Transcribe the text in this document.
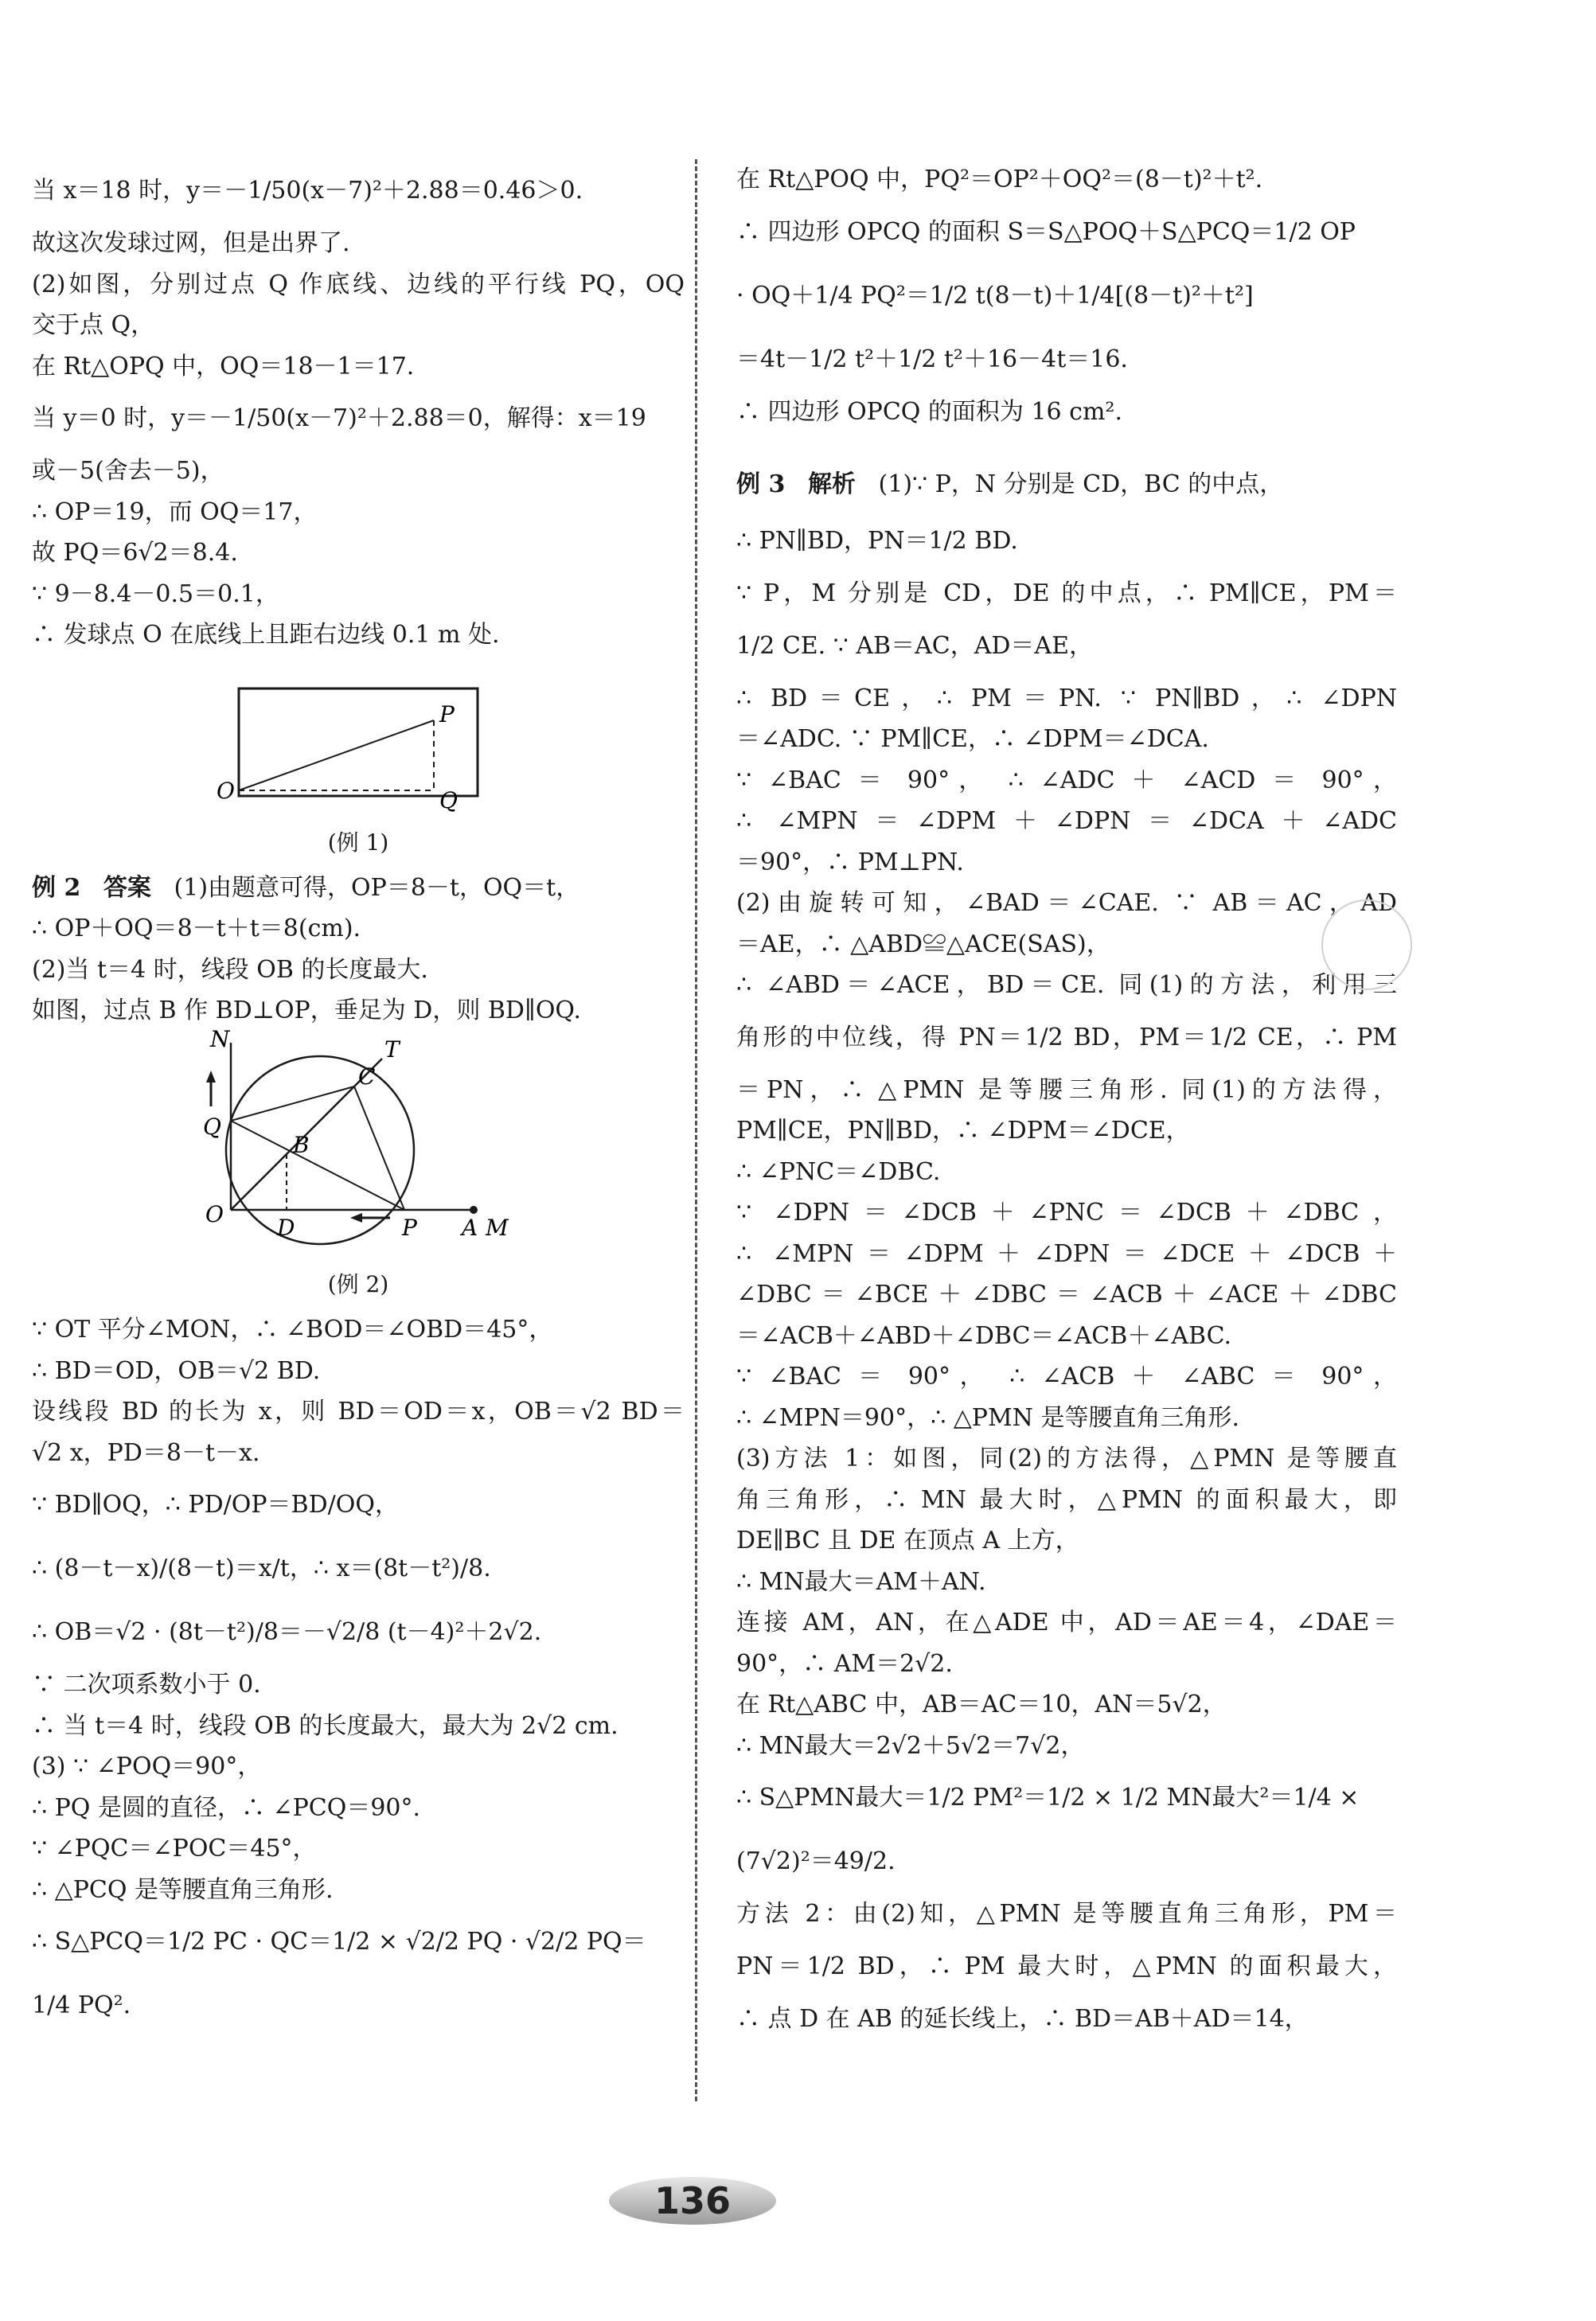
当 x＝18 时，y＝－1/50(x－7)²＋2.88＝0.46＞0.

故这次发球过网，但是出界了.

(2)如图，分别过点 Q 作底线、边线的平行线 PQ，OQ

交于点 Q，

在 Rt△OPQ 中，OQ＝18－1＝17.

当 y＝0 时，y＝－1/50(x－7)²＋2.88＝0，解得：x＝19

或－5(舍去－5)，

∴ OP＝19，而 OQ＝17，

故 PQ＝6√2＝8.4.

∵ 9－8.4－0.5＝0.1，

∴ 发球点 O 在底线上且距右边线 0.1 m 处.

O
P
Q
(例 1)
例 2 答案 (1)由题意可得，OP＝8－t，OQ＝t，

∴ OP＋OQ＝8－t＋t＝8(cm).

(2)当 t＝4 时，线段 OB 的长度最大.

如图，过点 B 作 BD⊥OP，垂足为 D，则 BD∥OQ.

N	T
C
Q
B
O
D	P A M
(例 2)

∵ OT 平分∠MON，∴ ∠BOD＝∠OBD＝45°，

∴ BD＝OD，OB＝√2 BD.

设线段 BD 的长为 x，则 BD＝OD＝x，OB＝√2 BD＝

√2 x，PD＝8－t－x.

∵ BD∥OQ，∴ PD/OP＝BD/OQ，

∴ (8－t－x)/(8－t)＝x/t，∴ x＝(8t－t²)/8.

∴ OB＝√2 · (8t－t²)/8＝－√2/8 (t－4)²＋2√2.

∵ 二次项系数小于 0.

∴ 当 t＝4 时，线段 OB 的长度最大，最大为 2√2 cm.

(3) ∵ ∠POQ＝90°，

∴ PQ 是圆的直径，∴ ∠PCQ＝90°.

∵ ∠PQC＝∠POC＝45°，

∴ △PCQ 是等腰直角三角形.

∴ S△PCQ＝1/2 PC · QC＝1/2 × √2/2 PQ · √2/2 PQ＝

1/4 PQ².

在 Rt△POQ 中，PQ²＝OP²＋OQ²＝(8－t)²＋t².

∴ 四边形 OPCQ 的面积 S＝S△POQ＋S△PCQ＝1/2 OP

· OQ＋1/4 PQ²＝1/2 t(8－t)＋1/4[(8－t)²＋t²]

＝4t－1/2 t²＋1/2 t²＋16－4t＝16.

∴ 四边形 OPCQ 的面积为 16 cm².

例 3 解析 (1)∵ P，N 分别是 CD，BC 的中点，

∴ PN∥BD，PN＝1/2 BD.

∵ P，M 分别是 CD，DE 的中点，∴ PM∥CE，PM＝

1/2 CE. ∵ AB＝AC，AD＝AE，

∴ BD＝CE，∴ PM＝PN. ∵ PN∥BD，∴ ∠DPN

＝∠ADC. ∵ PM∥CE，∴ ∠DPM＝∠DCA.

∵ ∠BAC ＝ 90°， ∴ ∠ADC ＋ ∠ACD ＝ 90°，

∴ ∠MPN＝∠DPM＋∠DPN＝∠DCA＋∠ADC

＝90°，∴ PM⊥PN.

(2)由旋转可知，∠BAD＝∠CAE. ∵ AB＝AC，AD

＝AE，∴ △ABD≌△ACE(SAS)，

∴ ∠ABD＝∠ACE，BD＝CE. 同(1)的方法，利用三

角形的中位线，得 PN＝1/2 BD，PM＝1/2 CE，∴ PM

＝PN，∴ △PMN 是等腰三角形. 同(1)的方法得，

PM∥CE，PN∥BD，∴ ∠DPM＝∠DCE，

∴ ∠PNC＝∠DBC.

∵ ∠DPN＝∠DCB＋∠PNC＝∠DCB＋∠DBC，

∴ ∠MPN＝∠DPM＋∠DPN＝∠DCE＋∠DCB＋

∠DBC＝∠BCE＋∠DBC＝∠ACB＋∠ACE＋∠DBC

＝∠ACB＋∠ABD＋∠DBC＝∠ACB＋∠ABC.

∵ ∠BAC ＝ 90°， ∴ ∠ACB ＋ ∠ABC ＝ 90°，

∴ ∠MPN＝90°，∴ △PMN 是等腰直角三角形.

(3)方法 1：如图，同(2)的方法得，△PMN 是等腰直

角三角形，∴ MN 最大时，△PMN 的面积最大，即

DE∥BC 且 DE 在顶点 A 上方，

∴ MN最大＝AM＋AN.

连接 AM，AN，在△ADE 中，AD＝AE＝4，∠DAE＝

90°，∴ AM＝2√2.

在 Rt△ABC 中，AB＝AC＝10，AN＝5√2，

∴ MN最大＝2√2＋5√2＝7√2，

∴ S△PMN最大＝1/2 PM²＝1/2 × 1/2 MN最大²＝1/4 ×

(7√2)²＝49/2.

方法 2：由(2)知，△PMN 是等腰直角三角形，PM＝

PN＝1/2 BD，∴ PM 最大时，△PMN 的面积最大，

∴ 点 D 在 AB 的延长线上，∴ BD＝AB＋AD＝14，

136
